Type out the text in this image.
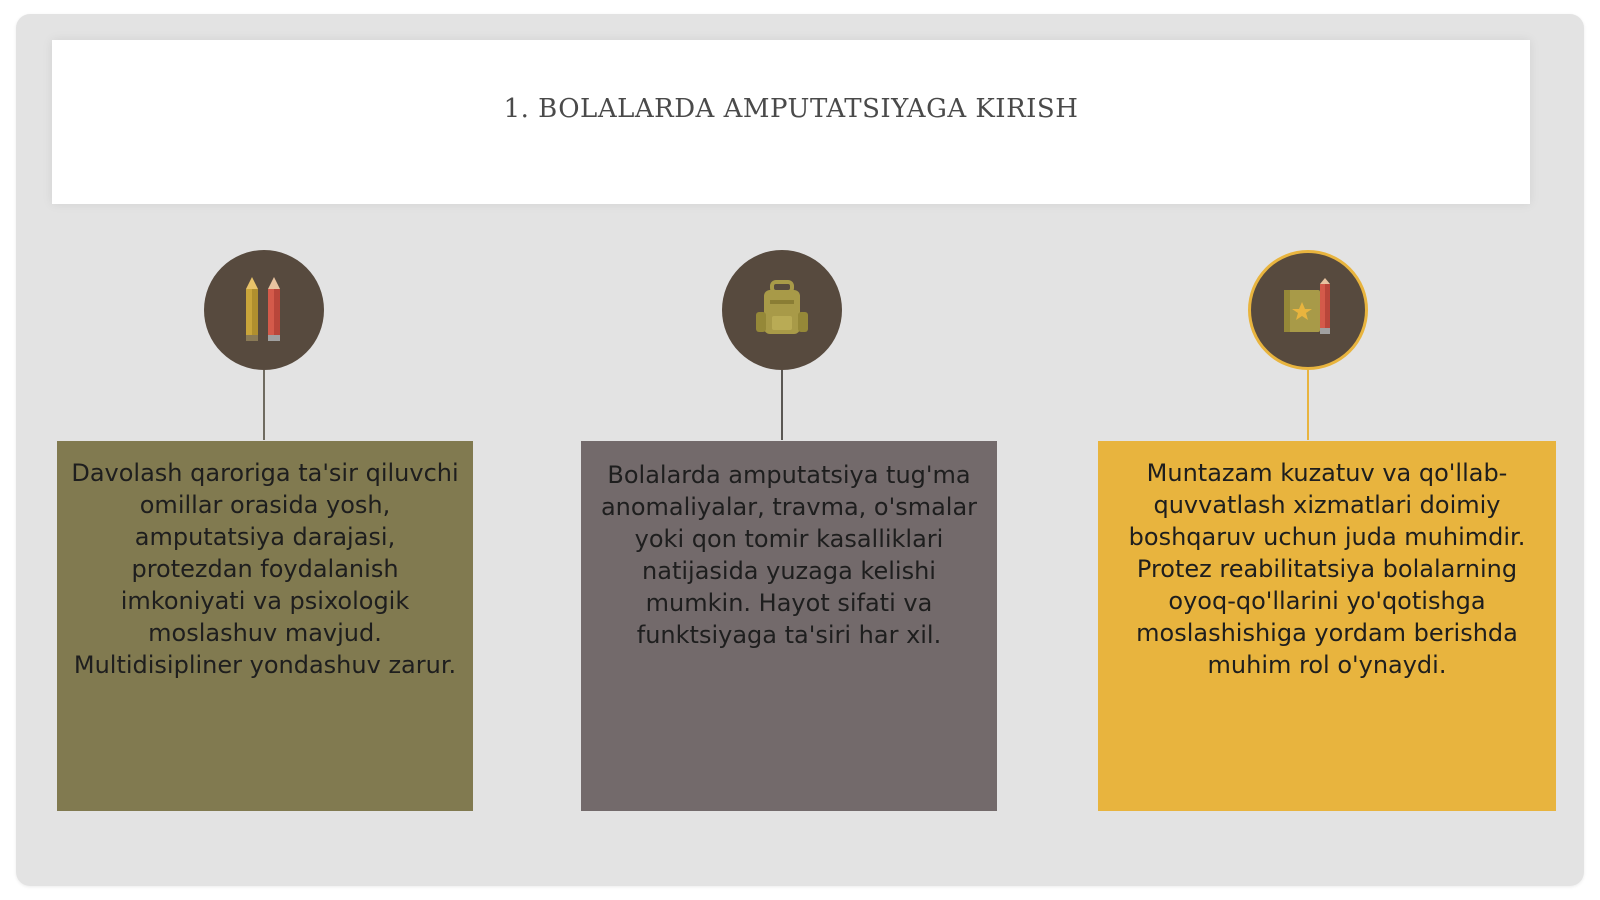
1. BOLALARDA AMPUTATSIYAGA KIRISH
Davolash qaroriga ta'sir qiluvchi omillar orasida yosh, amputatsiya darajasi, protezdan foydalanish imkoniyati va psixologik moslashuv mavjud. Multidisipliner yondashuv zarur.
Bolalarda amputatsiya tug'ma anomaliyalar, travma, o'smalar yoki qon tomir kasalliklari natijasida yuzaga kelishi mumkin. Hayot sifati va funktsiyaga ta'siri har xil.
Muntazam kuzatuv va qo'llab-quvvatlash xizmatlari doimiy boshqaruv uchun juda muhimdir. Protez reabilitatsiya bolalarning oyoq-qo'llarini yo'qotishga moslashishiga yordam berishda muhim rol o'ynaydi.
